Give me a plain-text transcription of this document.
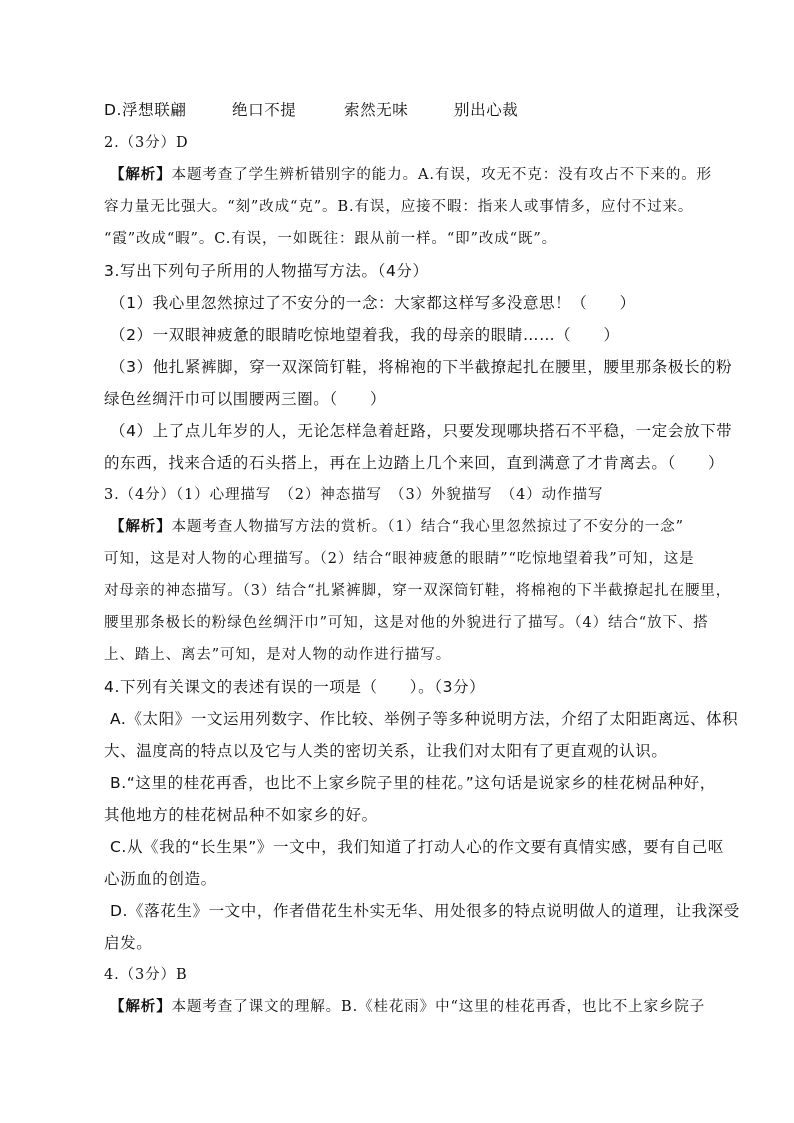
D.浮想联翩	绝口不提	索然无味	别出心裁
2.（3分）D
【解析】本题考查了学生辨析错别字的能力。A.有误，攻无不克：没有攻占不下来的。形
容力量无比强大。“刻”改成“克”。B.有误，应接不暇：指来人或事情多，应付不过来。
“霞”改成“暇”。C.有误，一如既往：跟从前一样。“即”改成“既”。
3.写出下列句子所用的人物描写方法。（4分）
（1）我心里忽然掠过了不安分的一念：大家都这样写多没意思！（　　）
（2）一双眼神疲惫的眼睛吃惊地望着我，我的母亲的眼睛……（　　）
（3）他扎紧裤脚，穿一双深筒钉鞋，将棉袍的下半截撩起扎在腰里，腰里那条极长的粉
绿色丝绸汗巾可以围腰两三圈。（　　）
（4）上了点儿年岁的人，无论怎样急着赶路，只要发现哪块搭石不平稳，一定会放下带
的东西，找来合适的石头搭上，再在上边踏上几个来回，直到满意了才肯离去。（　　）
3.（4分）（1）心理描写　（2）神态描写　（3）外貌描写　（4）动作描写
【解析】本题考查人物描写方法的赏析。（1）结合“我心里忽然掠过了不安分的一念”
可知，这是对人物的心理描写。（2）结合“眼神疲惫的眼睛”“吃惊地望着我”可知，这是
对母亲的神态描写。（3）结合“扎紧裤脚，穿一双深筒钉鞋，将棉袍的下半截撩起扎在腰里，
腰里那条极长的粉绿色丝绸汗巾”可知，这是对他的外貌进行了描写。（4）结合“放下、搭
上、踏上、离去”可知，是对人物的动作进行描写。
4.下列有关课文的表述有误的一项是（　　）。（3分）
A.《太阳》一文运用列数字、作比较、举例子等多种说明方法，介绍了太阳距离远、体积
大、温度高的特点以及它与人类的密切关系，让我们对太阳有了更直观的认识。
B.“这里的桂花再香，也比不上家乡院子里的桂花。”这句话是说家乡的桂花树品种好，
其他地方的桂花树品种不如家乡的好。
C.从《我的“长生果”》一文中，我们知道了打动人心的作文要有真情实感，要有自己呕
心沥血的创造。
D.《落花生》一文中，作者借花生朴实无华、用处很多的特点说明做人的道理，让我深受
启发。
4.（3分）B
【解析】本题考查了课文的理解。B.《桂花雨》中“这里的桂花再香，也比不上家乡院子
